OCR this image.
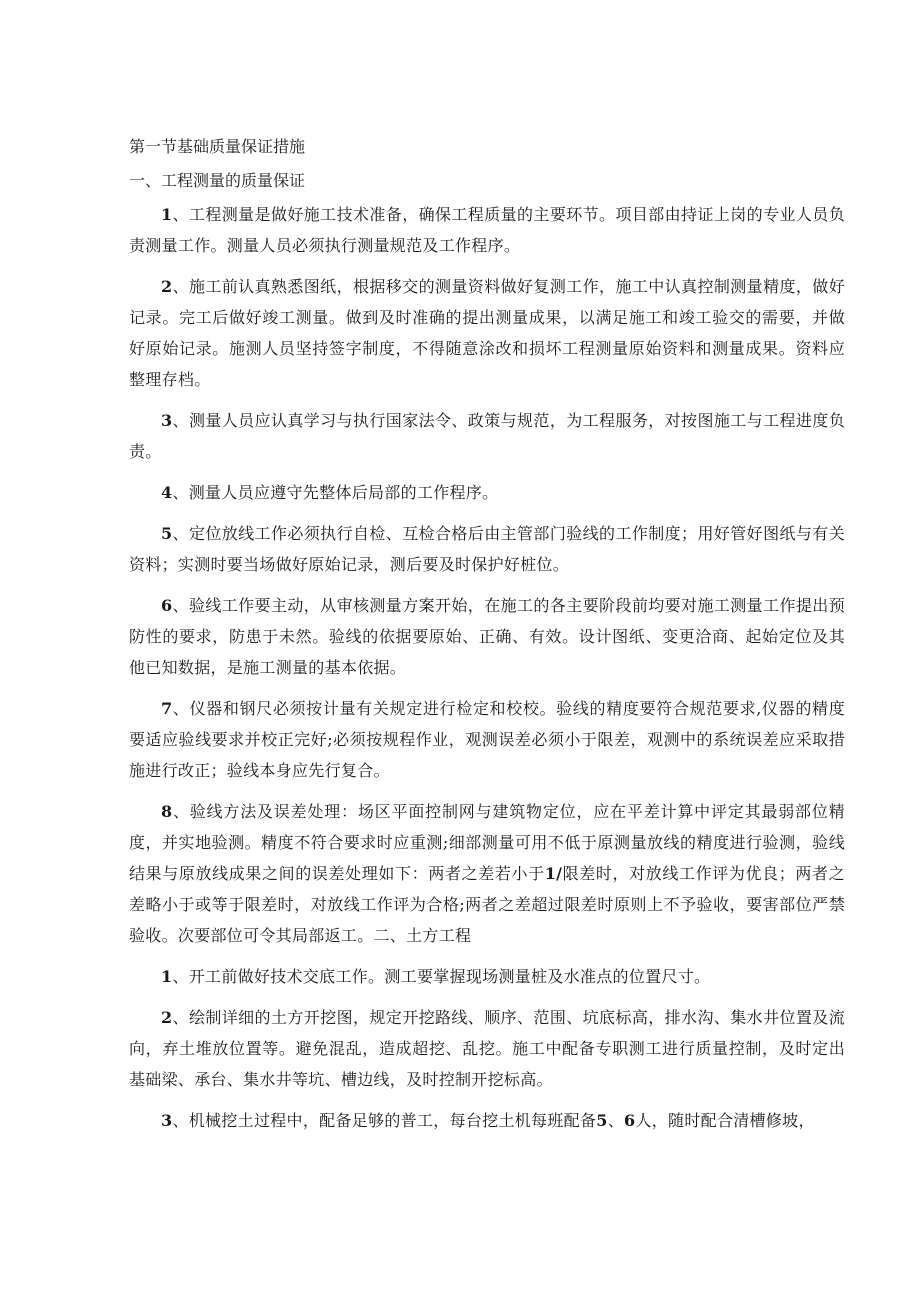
第一节基础质量保证措施

一、工程测量的质量保证

1、工程测量是做好施工技术准备，确保工程质量的主要环节。项目部由持证上岗的专业人员负责测量工作。测量人员必须执行测量规范及工作程序。

2、施工前认真熟悉图纸，根据移交的测量资料做好复测工作，施工中认真控制测量精度，做好记录。完工后做好竣工测量。做到及时准确的提出测量成果，以满足施工和竣工验交的需要，并做好原始记录。施测人员坚持签字制度，不得随意涂改和损坏工程测量原始资料和测量成果。资料应整理存档。

3、测量人员应认真学习与执行国家法令、政策与规范，为工程服务，对按图施工与工程进度负责。

4、测量人员应遵守先整体后局部的工作程序。

5、定位放线工作必须执行自检、互检合格后由主管部门验线的工作制度；用好管好图纸与有关资料；实测时要当场做好原始记录，测后要及时保护好桩位。

6、验线工作要主动，从审核测量方案开始，在施工的各主要阶段前均要对施工测量工作提出预防性的要求，防患于未然。验线的依据要原始、正确、有效。设计图纸、变更洽商、起始定位及其他已知数据，是施工测量的基本依据。

7、仪器和钢尺必须按计量有关规定进行检定和校校。验线的精度要符合规范要求,仪器的精度要适应验线要求并校正完好;必须按规程作业，观测误差必须小于限差，观测中的系统误差应采取措施进行改正；验线本身应先行复合。

8、验线方法及误差处理：场区平面控制网与建筑物定位，应在平差计算中评定其最弱部位精度，并实地验测。精度不符合要求时应重测;细部测量可用不低于原测量放线的精度进行验测，验线结果与原放线成果之间的误差处理如下：两者之差若小于1/限差时，对放线工作评为优良；两者之差略小于或等于限差时，对放线工作评为合格;两者之差超过限差时原则上不予验收，要害部位严禁验收。次要部位可令其局部返工。二、土方工程

1、开工前做好技术交底工作。测工要掌握现场测量桩及水准点的位置尺寸。

2、绘制详细的土方开挖图，规定开挖路线、顺序、范围、坑底标高，排水沟、集水井位置及流向，弃土堆放位置等。避免混乱，造成超挖、乱挖。施工中配备专职测工进行质量控制，及时定出基础梁、承台、集水井等坑、槽边线，及时控制开挖标高。

3、机械挖土过程中，配备足够的普工，每台挖土机每班配备5、6人，随时配合清槽修坡，
